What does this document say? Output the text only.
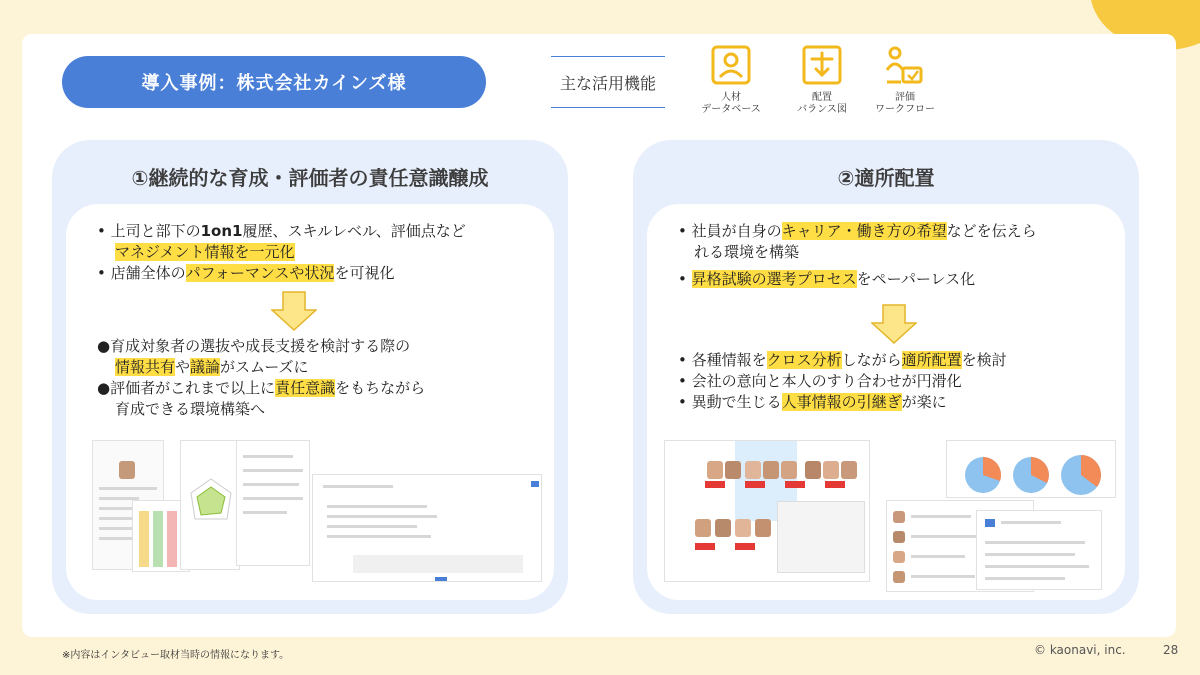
導入事例：株式会社カインズ様	主な活用機能
人材
データベース
配置
バランス図
評価
ワークフロー
①継続的な育成・評価者の責任意識醸成
• 上司と部下の1on1履歴、スキルレベル、評価点など
マネジメント情報を一元化
• 店舗全体のパフォーマンスや状況を可視化
●育成対象者の選抜や成長支援を検討する際の
情報共有や議論がスムーズに
●評価者がこれまで以上に責任意識をもちながら
育成できる環境構築へ
②適所配置
• 社員が自身のキャリア・働き方の希望などを伝えら
れる環境を構築
• 昇格試験の選考プロセスをペーパーレス化
• 各種情報をクロス分析しながら適所配置を検討
• 会社の意向と本人のすり合わせが円滑化
• 異動で生じる人事情報の引継ぎが楽に
※内容はインタビュー取材当時の情報になります。	© kaonavi, inc.	28
